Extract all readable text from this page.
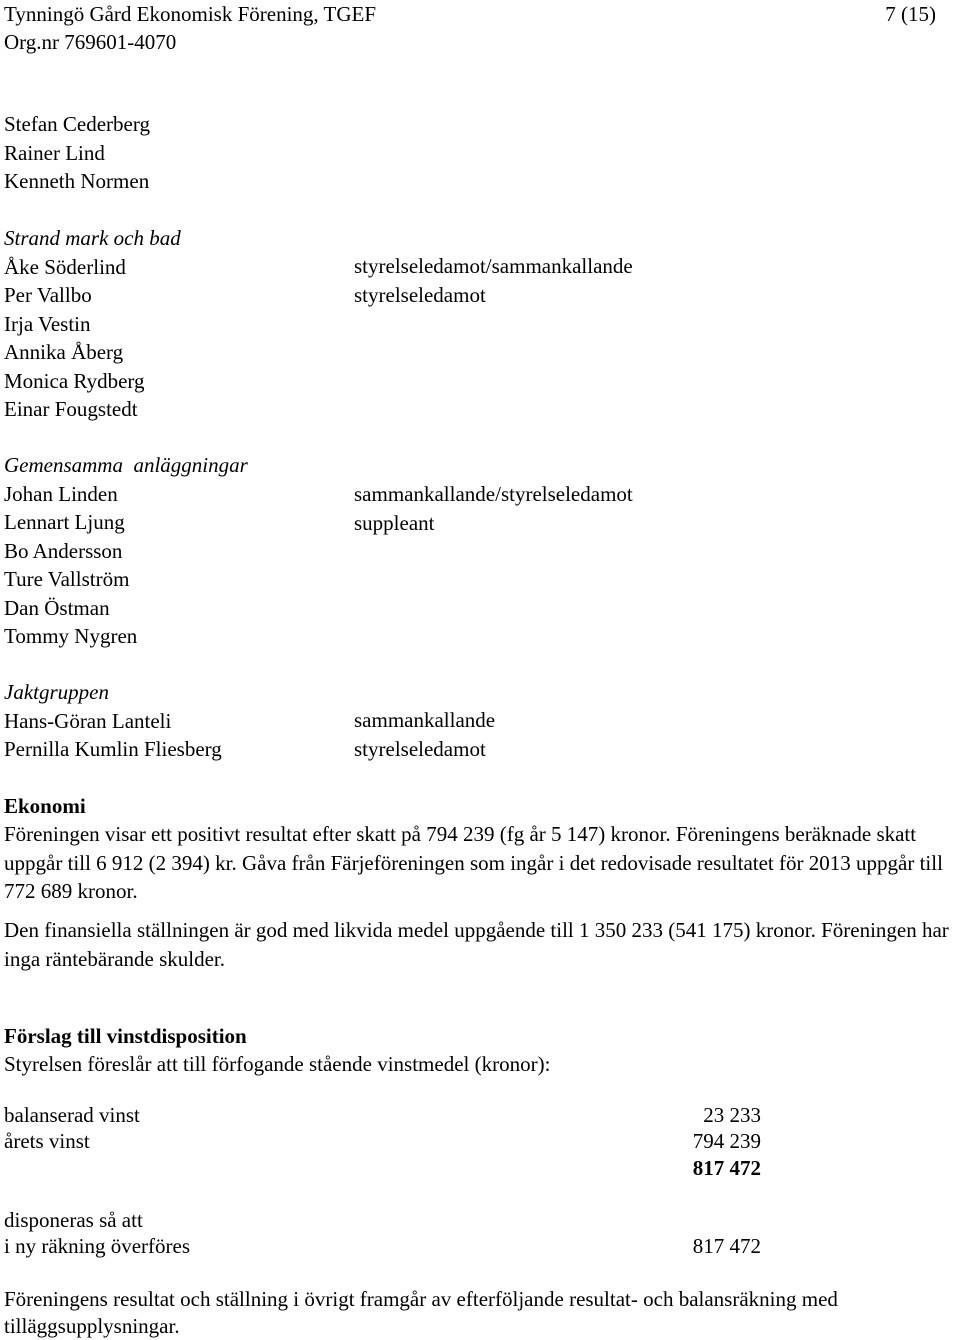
Tynningö Gård Ekonomisk Förening, TGEF	7 (15)
Org.nr 769601-4070
Stefan Cederberg
Rainer Lind
Kenneth Normen
Strand mark och bad
Åke Söderlind
Per Vallbo
Irja Vestin
Annika Åberg
Monica Rydberg
Einar Fougstedt
styrelseledamot/sammankallande
styrelseledamot
Gemensamma  anläggningar
Johan Linden
Lennart Ljung
Bo Andersson
Ture Vallström
Dan Östman
Tommy Nygren
sammankallande/styrelseledamot
suppleant
Jaktgruppen
Hans-Göran Lanteli
Pernilla Kumlin Fliesberg
sammankallande
styrelseledamot
Ekonomi
Föreningen visar ett positivt resultat efter skatt på 794 239 (fg år 5 147) kronor. Föreningens beräknade skatt uppgår till 6 912 (2 394) kr. Gåva från Färjeföreningen som ingår i det redovisade resultatet för 2013 uppgår till 772 689 kronor.
Den finansiella ställningen är god med likvida medel uppgående till 1 350 233 (541 175) kronor. Föreningen har inga räntebärande skulder.
Förslag till vinstdisposition
Styrelsen föreslår att till förfogande stående vinstmedel (kronor):
balanserad vinst
årets vinst
23 233
794 239
817 472
disponeras så att
i ny räkning överföres	817 472
Föreningens resultat och ställning i övrigt framgår av efterföljande resultat- och balansräkning med tilläggsupplysningar.
